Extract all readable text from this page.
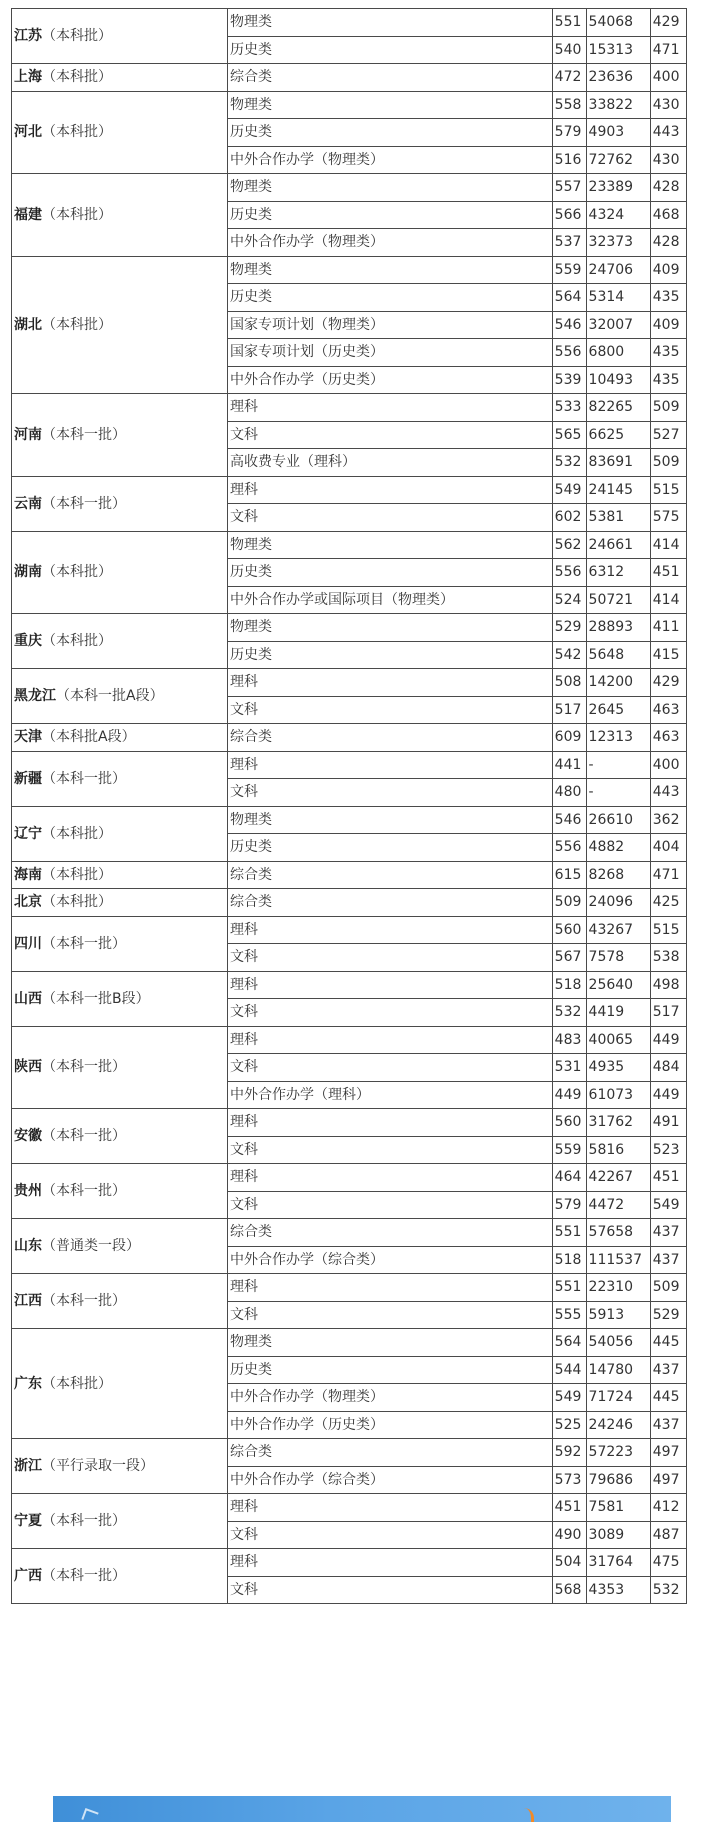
江苏（本科批）	物理类	551	54068	429
	历史类	540	15313	471
上海（本科批）	综合类	472	23636	400
河北（本科批）	物理类	558	33822	430
	历史类	579	4903	443
	中外合作办学（物理类）	516	72762	430
福建（本科批）	物理类	557	23389	428
	历史类	566	4324	468
	中外合作办学（物理类）	537	32373	428
湖北（本科批）	物理类	559	24706	409
	历史类	564	5314	435
	国家专项计划（物理类）	546	32007	409
	国家专项计划（历史类）	556	6800	435
	中外合作办学（历史类）	539	10493	435
河南（本科一批）	理科	533	82265	509
	文科	565	6625	527
	高收费专业（理科）	532	83691	509
云南（本科一批）	理科	549	24145	515
	文科	602	5381	575
湖南（本科批）	物理类	562	24661	414
	历史类	556	6312	451
	中外合作办学或国际项目（物理类）	524	50721	414
重庆（本科批）	物理类	529	28893	411
	历史类	542	5648	415
黑龙江（本科一批A段）	理科	508	14200	429
	文科	517	2645	463
天津（本科批A段）	综合类	609	12313	463
新疆（本科一批）	理科	441	-	400
	文科	480	-	443
辽宁（本科批）	物理类	546	26610	362
	历史类	556	4882	404
海南（本科批）	综合类	615	8268	471
北京（本科批）	综合类	509	24096	425
四川（本科一批）	理科	560	43267	515
	文科	567	7578	538
山西（本科一批B段）	理科	518	25640	498
	文科	532	4419	517
陕西（本科一批）	理科	483	40065	449
	文科	531	4935	484
	中外合作办学（理科）	449	61073	449
安徽（本科一批）	理科	560	31762	491
	文科	559	5816	523
贵州（本科一批）	理科	464	42267	451
	文科	579	4472	549
山东（普通类一段）	综合类	551	57658	437
	中外合作办学（综合类）	518	111537	437
江西（本科一批）	理科	551	22310	509
	文科	555	5913	529
广东（本科批）	物理类	564	54056	445
	历史类	544	14780	437
	中外合作办学（物理类）	549	71724	445
	中外合作办学（历史类）	525	24246	437
浙江（平行录取一段）	综合类	592	57223	497
	中外合作办学（综合类）	573	79686	497
宁夏（本科一批）	理科	451	7581	412
	文科	490	3089	487
广西（本科一批）	理科	504	31764	475
	文科	568	4353	532
